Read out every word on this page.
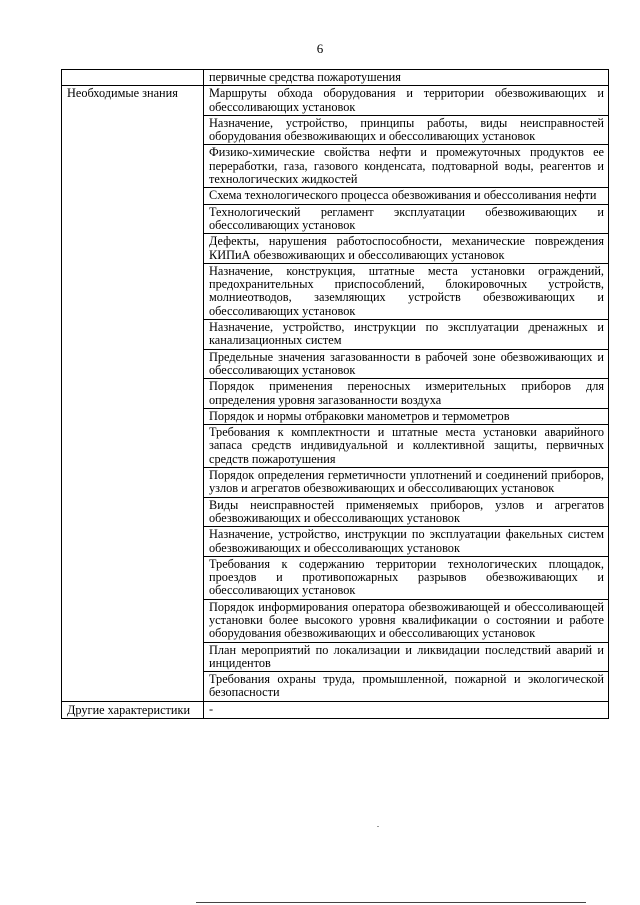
6
	первичные средства пожаротушения
Необходимые знания	Маршруты обхода оборудования и территории обезвоживающих и обессоливающих установок
	Назначение, устройство, принципы работы, виды неисправностей оборудования обезвоживающих и обессоливающих установок
	Физико-химические свойства нефти и промежуточных продуктов ее переработки, газа, газового конденсата, подтоварной воды, реагентов и технологических жидкостей
	Схема технологического процесса обезвоживания и обессоливания нефти
	Технологический регламент эксплуатации обезвоживающих и обессоливающих установок
	Дефекты, нарушения работоспособности, механические повреждения КИПиА обезвоживающих и обессоливающих установок
	Назначение, конструкция, штатные места установки ограждений, предохранительных приспособлений, блокировочных устройств, молниеотводов, заземляющих устройств обезвоживающих и обессоливающих установок
	Назначение, устройство, инструкции по эксплуатации дренажных и канализационных систем
	Предельные значения загазованности в рабочей зоне обезвоживающих и обессоливающих установок
	Порядок применения переносных измерительных приборов для определения уровня загазованности воздуха
	Порядок и нормы отбраковки манометров и термометров
	Требования к комплектности и штатные места установки аварийного запаса средств индивидуальной и коллективной защиты, первичных средств пожаротушения
	Порядок определения герметичности уплотнений и соединений приборов, узлов и агрегатов обезвоживающих и обессоливающих установок
	Виды неисправностей применяемых приборов, узлов и агрегатов обезвоживающих и обессоливающих установок
	Назначение, устройство, инструкции по эксплуатации факельных систем обезвоживающих и обессоливающих установок
	Требования к содержанию территории технологических площадок, проездов и противопожарных разрывов обезвоживающих и обессоливающих установок
	Порядок информирования оператора обезвоживающей и обессоливающей установки более высокого уровня квалификации о состоянии и работе оборудования обезвоживающих и обессоливающих установок
	План мероприятий по локализации и ликвидации последствий аварий и инцидентов
	Требования охраны труда, промышленной, пожарной и экологической безопасности
Другие характеристики	-
